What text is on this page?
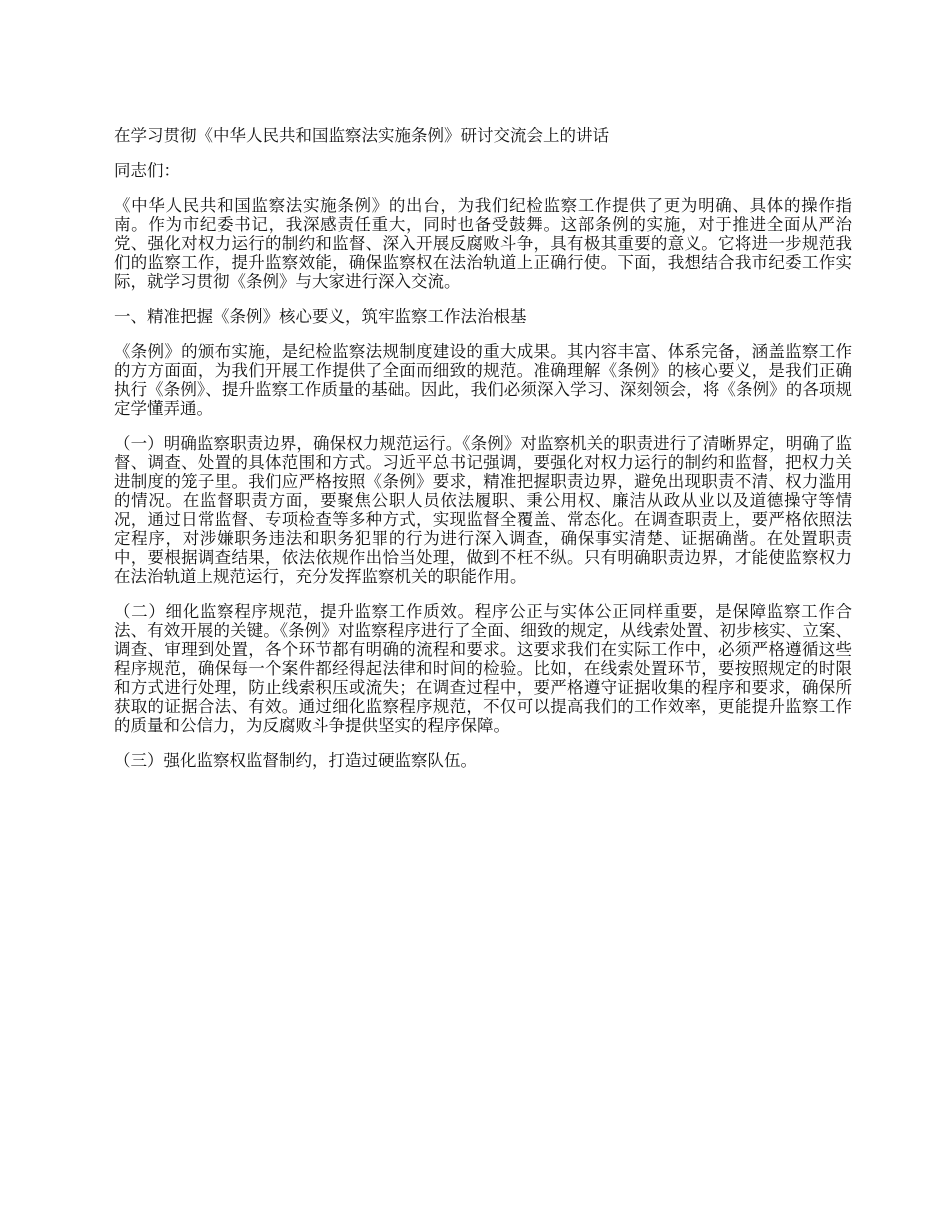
在学习贯彻《中华人民共和国监察法实施条例》研讨交流会上的讲话

同志们：

《中华人民共和国监察法实施条例》的出台，为我们纪检监察工作提供了更为明确、具体的操作指南。作为市纪委书记，我深感责任重大，同时也备受鼓舞。这部条例的实施，对于推进全面从严治党、强化对权力运行的制约和监督、深入开展反腐败斗争，具有极其重要的意义。它将进一步规范我们的监察工作，提升监察效能，确保监察权在法治轨道上正确行使。下面，我想结合我市纪委工作实际，就学习贯彻《条例》与大家进行深入交流。

一、精准把握《条例》核心要义，筑牢监察工作法治根基

《条例》的颁布实施，是纪检监察法规制度建设的重大成果。其内容丰富、体系完备，涵盖监察工作的方方面面，为我们开展工作提供了全面而细致的规范。准确理解《条例》的核心要义，是我们正确执行《条例》、提升监察工作质量的基础。因此，我们必须深入学习、深刻领会，将《条例》的各项规定学懂弄通。

（一）明确监察职责边界，确保权力规范运行。《条例》对监察机关的职责进行了清晰界定，明确了监督、调查、处置的具体范围和方式。习近平总书记强调，要强化对权力运行的制约和监督，把权力关进制度的笼子里。我们应严格按照《条例》要求，精准把握职责边界，避免出现职责不清、权力滥用的情况。在监督职责方面，要聚焦公职人员依法履职、秉公用权、廉洁从政从业以及道德操守等情况，通过日常监督、专项检查等多种方式，实现监督全覆盖、常态化。在调查职责上，要严格依照法定程序，对涉嫌职务违法和职务犯罪的行为进行深入调查，确保事实清楚、证据确凿。在处置职责中，要根据调查结果，依法依规作出恰当处理，做到不枉不纵。只有明确职责边界，才能使监察权力在法治轨道上规范运行，充分发挥监察机关的职能作用。

（二）细化监察程序规范，提升监察工作质效。程序公正与实体公正同样重要，是保障监察工作合法、有效开展的关键。《条例》对监察程序进行了全面、细致的规定，从线索处置、初步核实、立案、调查、审理到处置，各个环节都有明确的流程和要求。这要求我们在实际工作中，必须严格遵循这些程序规范，确保每一个案件都经得起法律和时间的检验。比如，在线索处置环节，要按照规定的时限和方式进行处理，防止线索积压或流失；在调查过程中，要严格遵守证据收集的程序和要求，确保所获取的证据合法、有效。通过细化监察程序规范，不仅可以提高我们的工作效率，更能提升监察工作的质量和公信力，为反腐败斗争提供坚实的程序保障。

（三）强化监察权监督制约，打造过硬监察队伍。
